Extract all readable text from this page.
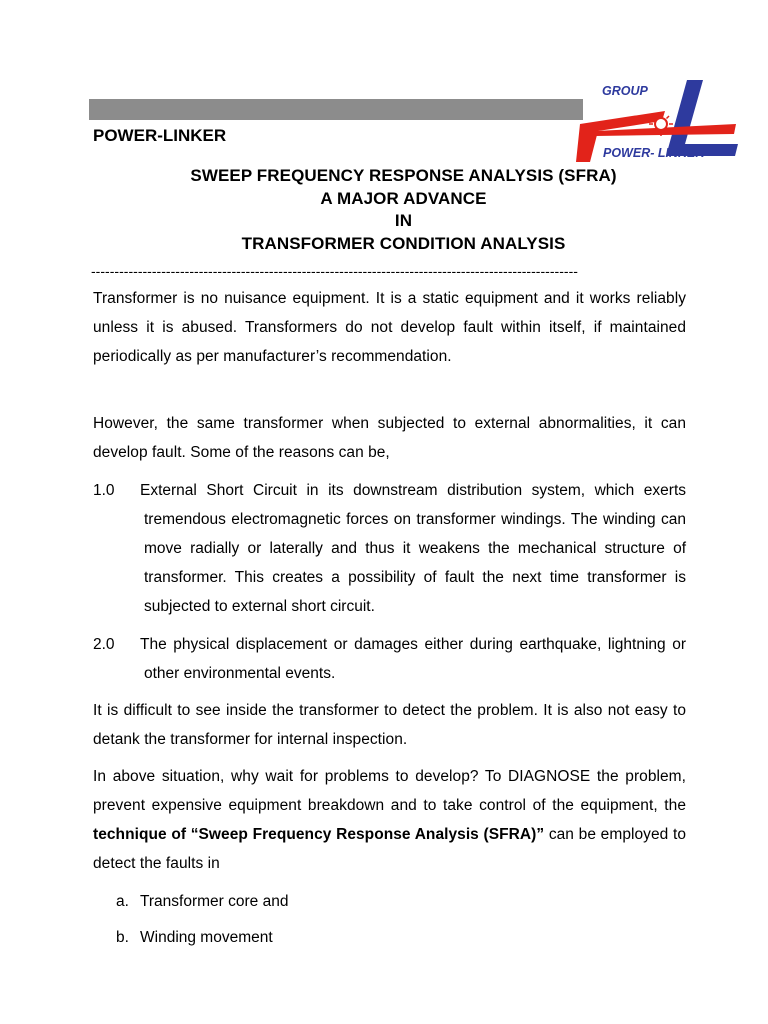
POWER-LINKER
GROUP
POWER- LINKER
SWEEP FREQUENCY RESPONSE ANALYSIS (SFRA)
A MAJOR ADVANCE
IN
TRANSFORMER CONDITION ANALYSIS
--------------------------------------------------------------------------------------------------------
Transformer is no nuisance equipment. It is a static equipment and it works reliably unless it is abused. Transformers do not develop fault within itself, if maintained periodically as per manufacturer’s recommendation.
However, the same transformer when subjected to external abnormalities, it can develop fault. Some of the reasons can be,
1.0 External Short Circuit in its downstream distribution system, which exerts tremendous electromagnetic forces on transformer windings. The winding can move radially or laterally and thus it weakens the mechanical structure of transformer. This creates a possibility of fault the next time transformer is subjected to external short circuit.
2.0 The physical displacement or damages either during earthquake, lightning or other environmental events.
It is difficult to see inside the transformer to detect the problem. It is also not easy to detank the transformer for internal inspection.
In above situation, why wait for problems to develop? To DIAGNOSE the problem, prevent expensive equipment breakdown and to take control of the equipment, the technique of “Sweep Frequency Response Analysis (SFRA)” can be employed to detect the faults in
a. Transformer core and
b. Winding movement
